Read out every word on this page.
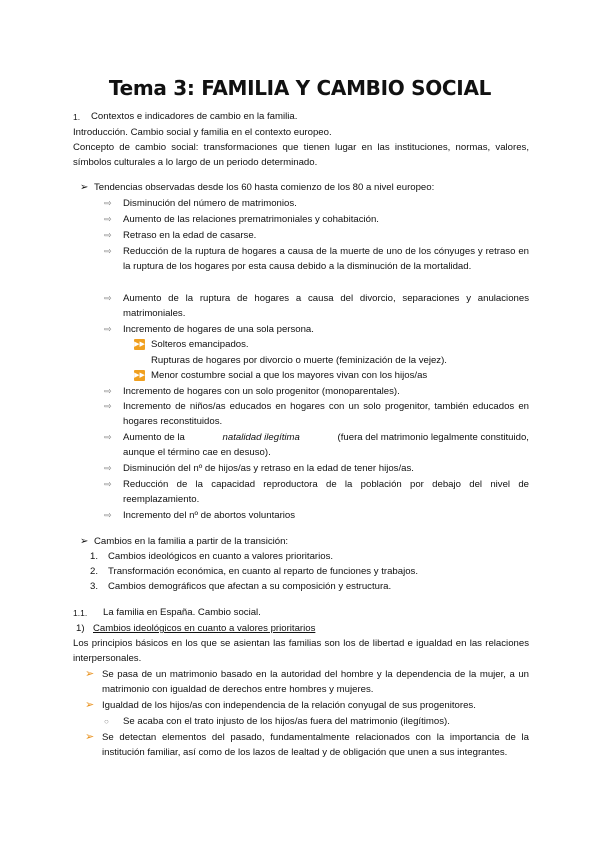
Tema 3: FAMILIA Y CAMBIO SOCIAL
1. Contextos e indicadores de cambio en la familia.
Introducción. Cambio social y familia en el contexto europeo.
Concepto de cambio social: transformaciones que tienen lugar en las instituciones, normas, valores, símbolos culturales a lo largo de un periodo determinado.
➢ Tendencias observadas desde los 60 hasta comienzo de los 80 a nivel europeo:
⇨ Disminución del número de matrimonios.
⇨ Aumento de las relaciones prematrimoniales y cohabitación.
⇨ Retraso en la edad de casarse.
⇨ Reducción de la ruptura de hogares a causa de la muerte de uno de los cónyuges y retraso en la ruptura de los hogares por esta causa debido a la disminución de la mortalidad.
⇨ Aumento de la ruptura de hogares a causa del divorcio, separaciones y anulaciones matrimoniales.
⇨ Incremento de hogares de una sola persona.
▶▶ Solteros emancipados.
Rupturas de hogares por divorcio o muerte (feminización de la vejez).
▶▶ Menor costumbre social a que los mayores vivan con los hijos/as
⇨ Incremento de hogares con un solo progenitor (monoparentales).
⇨ Incremento de niños/as educados en hogares con un solo progenitor, también educados en hogares reconstituidos.
⇨ Aumento de la	natalidad ilegítima	(fuera del matrimonio legalmente constituido,
aunque el término cae en desuso).
⇨ Disminución del nº de hijos/as y retraso en la edad de tener hijos/as.
⇨ Reducción de la capacidad reproductora de la población por debajo del nivel de reemplazamiento.
⇨ Incremento del nº de abortos voluntarios
➢ Cambios en la familia a partir de la transición:
1. Cambios ideológicos en cuanto a valores prioritarios.
2. Transformación económica, en cuanto al reparto de funciones y trabajos.
3. Cambios demográficos que afectan a su composición y estructura.
1.1. La familia en España. Cambio social.
1) Cambios ideológicos en cuanto a valores prioritarios
Los principios básicos en los que se asientan las familias son los de libertad e igualdad en las relaciones interpersonales.
➢ Se pasa de un matrimonio basado en la autoridad del hombre y la dependencia de la mujer, a un matrimonio con igualdad de derechos entre hombres y mujeres.
➢ Igualdad de los hijos/as con independencia de la relación conyugal de sus progenitores.
○ Se acaba con el trato injusto de los hijos/as fuera del matrimonio (ilegítimos).
➢ Se detectan elementos del pasado, fundamentalmente relacionados con la importancia de la institución familiar, así como de los lazos de lealtad y de obligación que unen a sus integrantes.
